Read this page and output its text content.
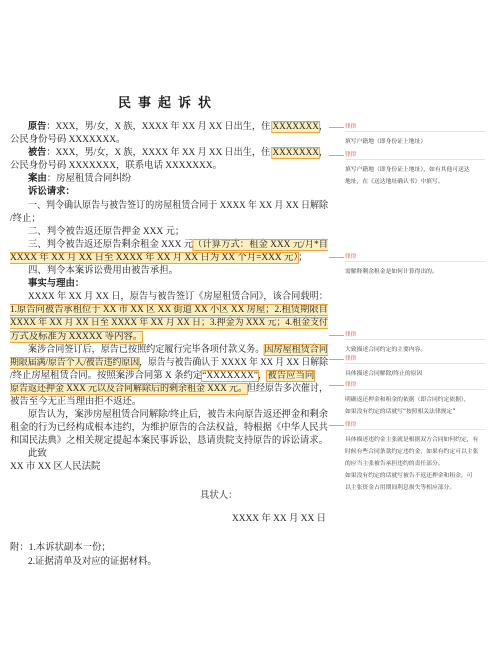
民事起诉状
原告：XXX，男/女，X 族，XXXX 年 XX 月 XX 日出生，住 XXXXXXX，
公民身份号码 XXXXXXX。
被告：XXX，男/女，X 族，XXXX 年 XX 月 XX 日出生，住 XXXXXXX，
公民身份号码 XXXXXXX，联系电话 XXXXXXX。
案由：房屋租赁合同纠纷
诉讼请求：
一、判令确认原告与被告签订的房屋租赁合同于 XXXX 年 XX 月 XX 日解除
/终止；
二、判令被告返还原告押金 XXX 元；
三、判令被告返还原告剩余租金 XXX 元（计算方式：租金 XXX 元/月*自
XXXX 年 XX 月 XX 日至 XXXX 年 XX 月 XX 日为 XX 个月=XXX 元）；
四、判令本案诉讼费用由被告承担。
事实与理由：
XXXX 年 XX 月 XX 日，原告与被告签订《房屋租赁合同》，该合同载明：
1.原告向被告承租位于 XX 市 XX 区 XX 街道 XX 小区 XX 房屋；2.租赁期限自
XXXX 年 XX 月 XX 日至 XXXX 年 XX 月 XX 日；3.押金为 XXX 元；4.租金支付
方式及标准为 XXXXX 等内容。
案涉合同签订后，原告已按照约定履行完毕各项付款义务。因房屋租赁合同
期限届满/原告个人/被告违约原因，原告与被告确认于 XXXX 年 XX 月 XX 日解除
/终止房屋租赁合同。按照案涉合同第 X 条约定“XXXXXXX”，被告应当向
原告返还押金 XXX 元以及合同解除后的剩余租金 XXX 元。但经原告多次催讨，
被告至今无正当理由拒不返还。
原告认为，案涉房屋租赁合同解除/终止后，被告未向原告返还押金和剩余
租金的行为已经构成根本违约，为维护原告的合法权益，特根据《中华人民共
和国民法典》之相关规定提起本案民事诉讼，恳请贵院支持原告的诉讼请求。
此致
XX 市 XX 区人民法院
具状人：
XXXX 年 XX 月 XX 日
附：1.本诉状副本一份；
2.证据清单及对应的证据材料。
律律
填写户籍地（即身份证上地址）
律律
填写户籍地（即身份证上地址），如有其他可送达
地址，在《送达地址确认书》中填写。
律律
需解释剩余租金是如何计算得出的。
律律
大致描述合同约定的主要内容。
律律
具体描述合同解除/终止的原因
律律
明确返还押金和租金的依据（即合同约定依据），
如果没有约定的话就写“按照相关法律规定”
律律
具体描述违约金主张就是根据双方合同如何约定，有
时候有些合同条款约定违约金，如果有约定可以主张
的应当主张被告承担违约的责任部分。
如果没有约定的话就写被告不返还押金和租金，可
以主张资金占用期间利息损失等相应部分。
